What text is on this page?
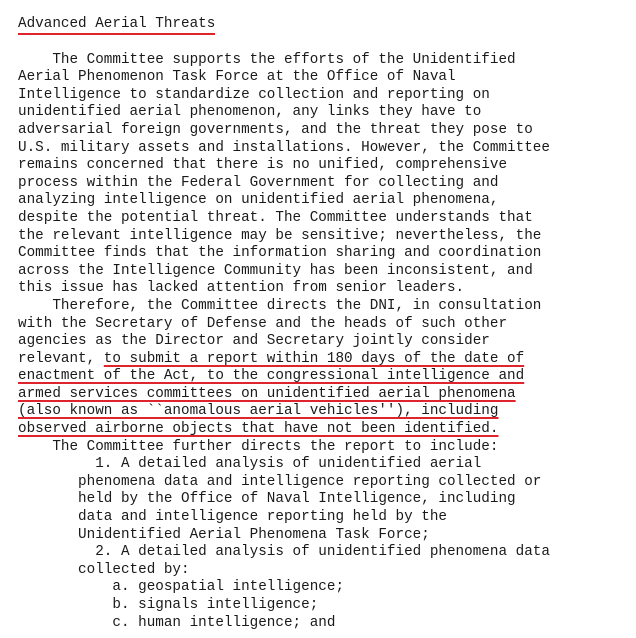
Advanced Aerial Threats
The Committee supports the efforts of the Unidentified
Aerial Phenomenon Task Force at the Office of Naval
Intelligence to standardize collection and reporting on
unidentified aerial phenomenon, any links they have to
adversarial foreign governments, and the threat they pose to
U.S. military assets and installations. However, the Committee
remains concerned that there is no unified, comprehensive
process within the Federal Government for collecting and
analyzing intelligence on unidentified aerial phenomena,
despite the potential threat. The Committee understands that
the relevant intelligence may be sensitive; nevertheless, the
Committee finds that the information sharing and coordination
across the Intelligence Community has been inconsistent, and
this issue has lacked attention from senior leaders.
Therefore, the Committee directs the DNI, in consultation
with the Secretary of Defense and the heads of such other
agencies as the Director and Secretary jointly consider
relevant, to submit a report within 180 days of the date of
enactment of the Act, to the congressional intelligence and
armed services committees on unidentified aerial phenomena
(also known as ``anomalous aerial vehicles''), including
observed airborne objects that have not been identified.
The Committee further directs the report to include:
1. A detailed analysis of unidentified aerial
phenomena data and intelligence reporting collected or
held by the Office of Naval Intelligence, including
data and intelligence reporting held by the
Unidentified Aerial Phenomena Task Force;
2. A detailed analysis of unidentified phenomena data
collected by:
a. geospatial intelligence;
b. signals intelligence;
c. human intelligence; and
